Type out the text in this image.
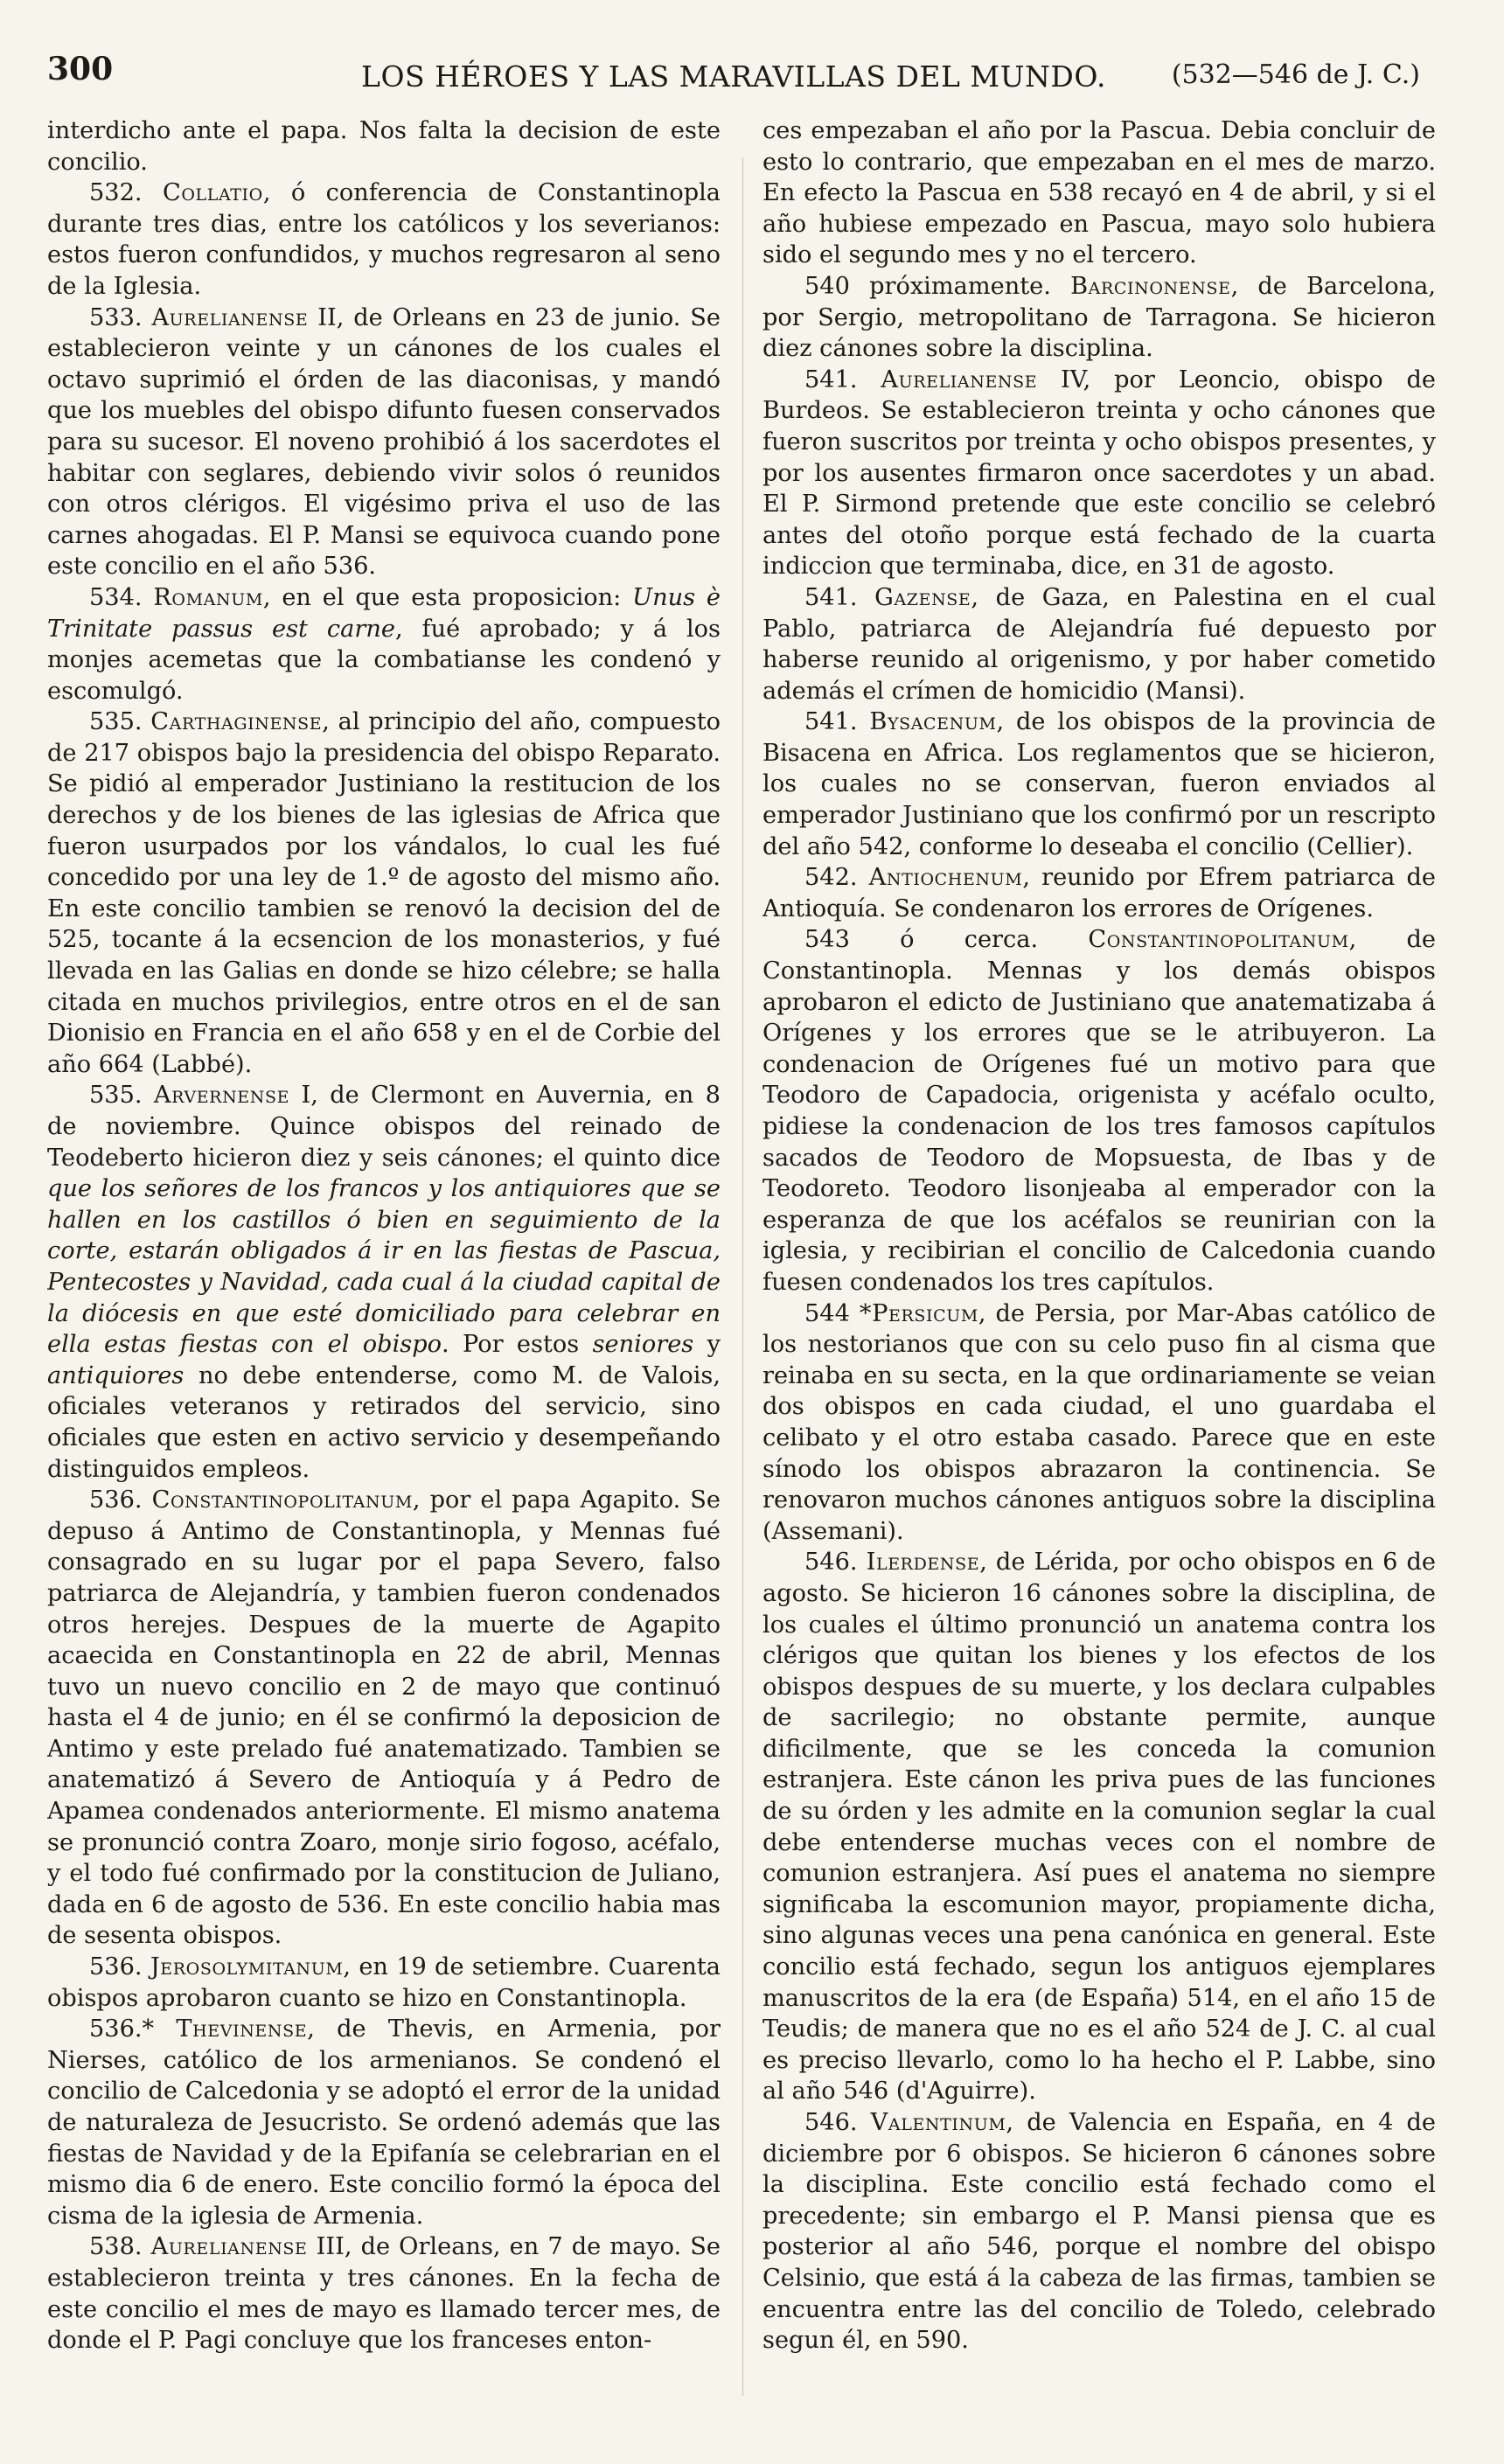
300	LOS HÉROES Y LAS MARAVILLAS DEL MUNDO.	(532—546 de J. C.)

interdicho ante el papa. Nos falta la decision de este concilio.

532. Collatio, ó conferencia de Constantinopla durante tres dias, entre los católicos y los severianos: estos fueron confundidos, y muchos regresaron al seno de la Iglesia.

533. Aurelianense II, de Orleans en 23 de junio. Se establecieron veinte y un cánones de los cuales el octavo suprimió el órden de las diaconisas, y mandó que los muebles del obispo difunto fuesen conservados para su sucesor. El noveno prohibió á los sacerdotes el habitar con seglares, debiendo vivir solos ó reunidos con otros clérigos. El vigésimo priva el uso de las carnes ahogadas. El P. Mansi se equivoca cuando pone este concilio en el año 536.

534. Romanum, en el que esta proposicion: Unus è Trinitate passus est carne, fué aprobado; y á los monjes acemetas que la combatianse les condenó y escomulgó.

535. Carthaginense, al principio del año, compuesto de 217 obispos bajo la presidencia del obispo Reparato. Se pidió al emperador Justiniano la restitucion de los derechos y de los bienes de las iglesias de Africa que fueron usurpados por los vándalos, lo cual les fué concedido por una ley de 1.º de agosto del mismo año. En este concilio tambien se renovó la decision del de 525, tocante á la ecsencion de los monasterios, y fué llevada en las Galias en donde se hizo célebre; se halla citada en muchos privilegios, entre otros en el de san Dionisio en Francia en el año 658 y en el de Corbie del año 664 (Labbé).

535. Arvernense I, de Clermont en Auvernia, en 8 de noviembre. Quince obispos del reinado de Teodeberto hicieron diez y seis cánones; el quinto dice que los señores de los francos y los antiquiores que se hallen en los castillos ó bien en seguimiento de la corte, estarán obligados á ir en las fiestas de Pascua, Pentecostes y Navidad, cada cual á la ciudad capital de la diócesis en que esté domiciliado para celebrar en ella estas fiestas con el obispo. Por estos seniores y antiquiores no debe entenderse, como M. de Valois, oficiales veteranos y retirados del servicio, sino oficiales que esten en activo servicio y desempeñando distinguidos empleos.

536. Constantinopolitanum, por el papa Agapito. Se depuso á Antimo de Constantinopla, y Mennas fué consagrado en su lugar por el papa Severo, falso patriarca de Alejandría, y tambien fueron condenados otros herejes. Despues de la muerte de Agapito acaecida en Constantinopla en 22 de abril, Mennas tuvo un nuevo concilio en 2 de mayo que continuó hasta el 4 de junio; en él se confirmó la deposicion de Antimo y este prelado fué anatematizado. Tambien se anatematizó á Severo de Antioquía y á Pedro de Apamea condenados anteriormente. El mismo anatema se pronunció contra Zoaro, monje sirio fogoso, acéfalo, y el todo fué confirmado por la constitucion de Juliano, dada en 6 de agosto de 536. En este concilio habia mas de sesenta obispos.

536. Jerosolymitanum, en 19 de setiembre. Cuarenta obispos aprobaron cuanto se hizo en Constantinopla.

536.* Thevinense, de Thevis, en Armenia, por Nierses, católico de los armenianos. Se condenó el concilio de Calcedonia y se adoptó el error de la unidad de naturaleza de Jesucristo. Se ordenó además que las fiestas de Navidad y de la Epifanía se celebrarian en el mismo dia 6 de enero. Este concilio formó la época del cisma de la iglesia de Armenia.

538. Aurelianense III, de Orleans, en 7 de mayo. Se establecieron treinta y tres cánones. En la fecha de este concilio el mes de mayo es llamado tercer mes, de donde el P. Pagi concluye que los franceses enton-

ces empezaban el año por la Pascua. Debia concluir de esto lo contrario, que empezaban en el mes de marzo. En efecto la Pascua en 538 recayó en 4 de abril, y si el año hubiese empezado en Pascua, mayo solo hubiera sido el segundo mes y no el tercero.

540 próximamente. Barcinonense, de Barcelona, por Sergio, metropolitano de Tarragona. Se hicieron diez cánones sobre la disciplina.

541. Aurelianense IV, por Leoncio, obispo de Burdeos. Se establecieron treinta y ocho cánones que fueron suscritos por treinta y ocho obispos presentes, y por los ausentes firmaron once sacerdotes y un abad. El P. Sirmond pretende que este concilio se celebró antes del otoño porque está fechado de la cuarta indiccion que terminaba, dice, en 31 de agosto.

541. Gazense, de Gaza, en Palestina en el cual Pablo, patriarca de Alejandría fué depuesto por haberse reunido al origenismo, y por haber cometido además el crímen de homicidio (Mansi).

541. Bysacenum, de los obispos de la provincia de Bisacena en Africa. Los reglamentos que se hicieron, los cuales no se conservan, fueron enviados al emperador Justiniano que los confirmó por un rescripto del año 542, conforme lo deseaba el concilio (Cellier).

542. Antiochenum, reunido por Efrem patriarca de Antioquía. Se condenaron los errores de Orígenes.

543 ó cerca. Constantinopolitanum, de Constantinopla. Mennas y los demás obispos aprobaron el edicto de Justiniano que anatematizaba á Orígenes y los errores que se le atribuyeron. La condenacion de Orígenes fué un motivo para que Teodoro de Capadocia, origenista y acéfalo oculto, pidiese la condenacion de los tres famosos capítulos sacados de Teodoro de Mopsuesta, de Ibas y de Teodoreto. Teodoro lisonjeaba al emperador con la esperanza de que los acéfalos se reunirian con la iglesia, y recibirian el concilio de Calcedonia cuando fuesen condenados los tres capítulos.

544 *Persicum, de Persia, por Mar-Abas católico de los nestorianos que con su celo puso fin al cisma que reinaba en su secta, en la que ordinariamente se veian dos obispos en cada ciudad, el uno guardaba el celibato y el otro estaba casado. Parece que en este sínodo los obispos abrazaron la continencia. Se renovaron muchos cánones antiguos sobre la disciplina (Assemani).

546. Ilerdense, de Lérida, por ocho obispos en 6 de agosto. Se hicieron 16 cánones sobre la disciplina, de los cuales el último pronunció un anatema contra los clérigos que quitan los bienes y los efectos de los obispos despues de su muerte, y los declara culpables de sacrilegio; no obstante permite, aunque dificilmente, que se les conceda la comunion estranjera. Este cánon les priva pues de las funciones de su órden y les admite en la comunion seglar la cual debe entenderse muchas veces con el nombre de comunion estranjera. Así pues el anatema no siempre significaba la escomunion mayor, propiamente dicha, sino algunas veces una pena canónica en general. Este concilio está fechado, segun los antiguos ejemplares manuscritos de la era (de España) 514, en el año 15 de Teudis; de manera que no es el año 524 de J. C. al cual es preciso llevarlo, como lo ha hecho el P. Labbe, sino al año 546 (d'Aguirre).

546. Valentinum, de Valencia en España, en 4 de diciembre por 6 obispos. Se hicieron 6 cánones sobre la disciplina. Este concilio está fechado como el precedente; sin embargo el P. Mansi piensa que es posterior al año 546, porque el nombre del obispo Celsinio, que está á la cabeza de las firmas, tambien se encuentra entre las del concilio de Toledo, celebrado segun él, en 590.
